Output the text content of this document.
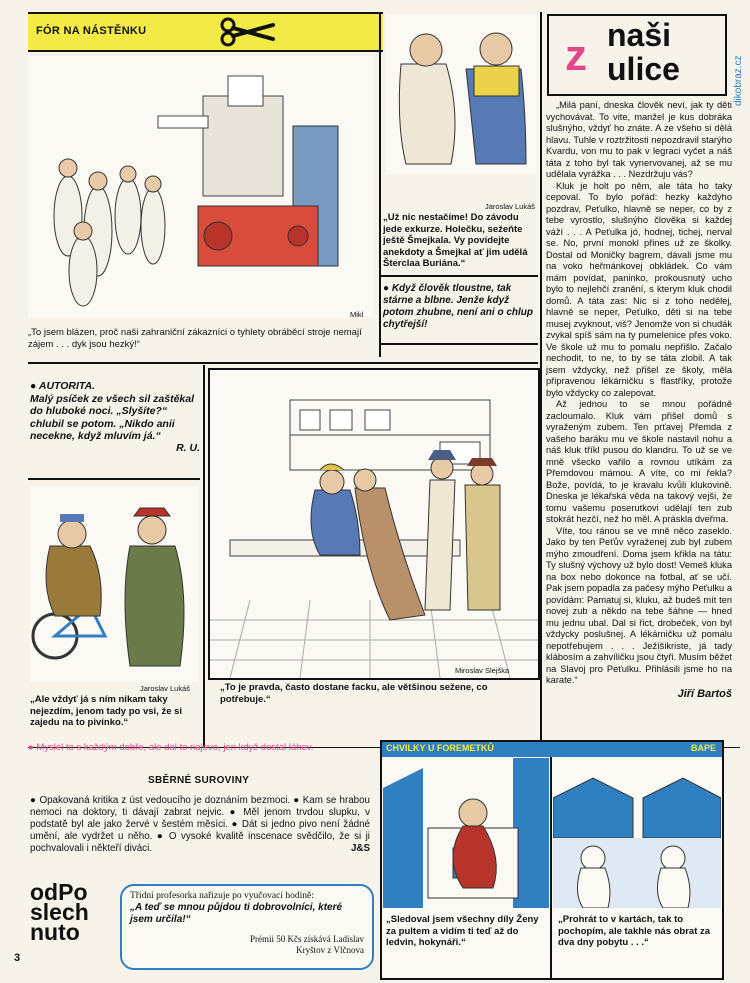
FÓR NA NÁSTĚNKU
Mikl
„To jsem blázen, proč naši zahraniční zákazníci o tyhlety obráběcí stroje nemají zájem . . . dyk jsou hezký!“
Jaroslav Lukáš
„Už nic nestačíme! Do závodu jede exkurze. Holečku, sežeňte ještě Šmejkala. Vy povídejte anekdoty a Šmejkal ať jim udělá Šterclaa Buriána.“
● Když člověk tloustne, tak stárne a blbne. Jenže když potom zhubne, není ani o chlup chytřejší!
z naši
ulice	dikobraz.cz

„Milá paní, dneska člověk neví, jak ty děti vychovávat. To vite, manžel je kus dobráka slušnýho, vždyť ho znáte. A ze všeho si dělá hlavu. Tuhle v roztržitosti nepozdravil starýho Kvardu, von mu to pak v legraci vyčet a náš táta z toho byl tak vynervovanej, až se mu udělala vyrážka . . . Nezdržuju vás?

Kluk je holt po něm, ale táta ho taky cepoval. To bylo pořád: hezky každýho pozdrav, Peťulko, hlavně se neper, co by z tebe vyrostlo, slušnýho člověka si každej váží . . . A Peťulka jó, hodnej, tichej, nerval se. No, první monokl přines už ze školky. Dostal od Moničky bagrem, dávali jsme mu na voko heřmánkovej obkládek. Co vám mám povídat, paninko, prokousnutý ucho bylo to nejlehčí zranění, s kterym kluk chodil domů. A táta zas: Nic si z toho nedělej, hlavně se neper, Peťulko, děti si na tebe musej zvyknout, viš? Jenomže von si chudák zvykal spíš sám na ty pumelenice přes voko. Ve škole už mu to pomalu nepřišlo. Začalo nechodit, to ne, to by se táta zlobil. A tak jsem vždycky, než přišel ze školy, měla připravenou lékárničku s flastříky, protože bylo vždycky co zalepovat.

Až jednou to se mnou pořádně zacloumalo. Kluk vám přišel domů s vyraženým zubem. Ten prťavej Přemda z vašeho baráku mu ve škole nastavil nohu a náš kluk tříkl pusou do klandru. To už se ve mně všecko vařilo a rovnou utíkám za Přemdovou mámou. A víte, co mi řekla? Bože, povídá, to je kravalu kvůli klukovině. Dneska je lékařská věda na takový vejši, že tomu vašemu poserutkovi udělají ten zub stokrát hezčí, než ho měl. A práskla dveřma.

Víte, tou ránou se ve mně něco zaseklo. Jako by ten Peťův vyraženej zub byl zubem mýho zmoudření. Doma jsem křikla na tátu: Ty slušný výchovy už bylo dost! Vemeš kluka na box nebo dokonce na fotbal, ať se učí. Pak jsem popadla za pačesy mýho Peťulku a povídám: Pamatuj si, kluku, až budeš mít ten novej zub a někdo na tebe šáhne — hned mu jednu ubal. Dal si řict, drobeček, von byl vždycky poslušnej. A lékárničku už pomalu nepotřebujem . . . Ježíšikriste, já tady klábosím a zahvíličku jsou čtyři. Musím běžet na Slavoj pro Peťulku. Přihlásili jsme ho na karate.“

Jiří Bartoš
● AUTORITA.
Malý psíček ze všech sil zaštěkal do hluboké noci. „Slyšíte?“ chlubil se potom. „Nikdo anii necekne, když mluvím já.“
R. U.
Jaroslav Lukáš
„Ale vždyť já s ním nikam taky nejezdím, jenom tady po vsi, že si zajedu na to pivínko.“
Miroslav Slejška
„To je pravda, často dostane facku, ale většinou sežene, co potřebuje.“
● Myslel to s každým dobře, ale dal to najevo, jen když dostal láhev.
SBĚRNÉ SUROVINY
● Opakovaná kritika z úst vedoucího je doznáním bezmoci. ● Kam se hrabou nemoci na doktory, ti dávají zabrat nejvic. ● Měl jenom trvdou slupku, v podstatě byl ale jako žervé v šestém měsíci. ● Dát si jedno pivo není žádné umění, ale vydržet u něho. ● O vysoké kvalitě inscenace svědčilo, že si ji pochvalovali i někteří diváci.	J&S
odPo
slech
nuto
Třídní profesorka nařizuje po vyučovací hodině:
„A teď se mnou půjdou ti dobrovolníci, které jsem určila!“
Prémii 50 Kčs získává Ladislav Kryštov z Vlčnova
3
CHVILKY U FOREMETKŮ	BAPE
„Sledoval jsem všechny díly Ženy za pultem a vidím ti teď až do ledvin, hokynáři.“
„Prohrát to v kartách, tak to pochopím, ale takhle nás obrat za dva dny pobytu . . .“
